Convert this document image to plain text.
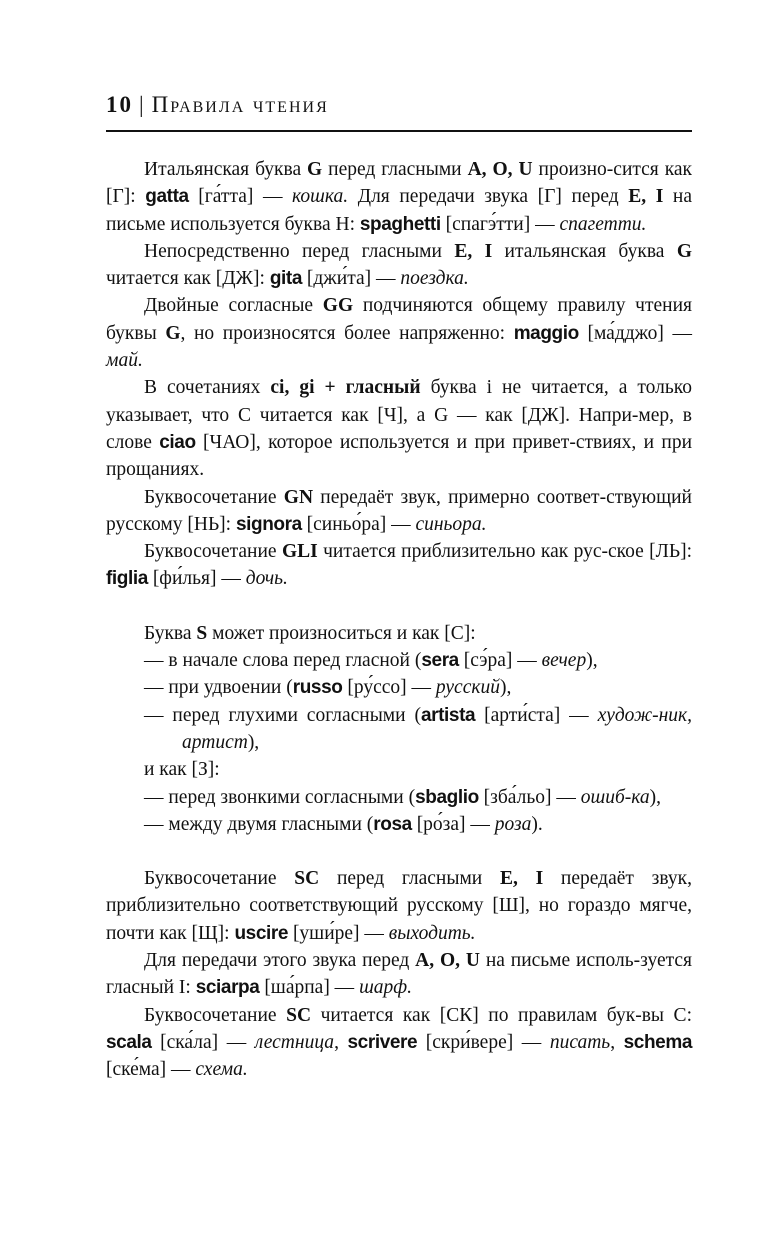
10 | Правила чтения

Итальянская буква G перед гласными A, O, U произно-сится как [Г]: gatta [га́тта] — кошка. Для передачи звука [Г] перед E, I на письме используется буква Н: spaghetti [спагэ́тти] — спагетти.

Непосредственно перед гласными E, I итальянская буква G читается как [ДЖ]: gita [джи́та] — поездка.

Двойные согласные GG подчиняются общему правилу чтения буквы G, но произносятся более напряженно: maggio [ма́дджо] — май.

В сочетаниях ci, gi + гласный буква i не читается, а только указывает, что С читается как [Ч], а G — как [ДЖ]. Напри-мер, в слове ciao [ЧАО], которое используется и при привет-ствиях, и при прощаниях.

Буквосочетание GN передаёт звук, примерно соответ-ствующий русскому [НЬ]: signora [синьо́ра] — синьора.

Буквосочетание GLI читается приблизительно как рус-ское [ЛЬ]: figlia [фи́лья] — дочь.

Буква S может произноситься и как [С]:

— в начале слова перед гласной (sera [сэ́ра] — вечер),

— при удвоении (russo [ру́ссо] — русский),

— перед глухими согласными (artista [арти́ста] — худож-ник, артист),

и как [З]:

— перед звонкими согласными (sbaglio [зба́льо] — ошиб-ка),

— между двумя гласными (rosa [ро́за] — роза).

Буквосочетание SC перед гласными E, I передаёт звук, приблизительно соответствующий русскому [Ш], но гораздо мягче, почти как [Щ]: uscire [уши́ре] — выходить.

Для передачи этого звука перед A, O, U на письме исполь-зуется гласный I: sciarpa [ша́рпа] — шарф.

Буквосочетание SC читается как [СК] по правилам бук-вы С: scala [ска́ла] — лестница, scrivere [скри́вере] — писать, schema [ске́ма] — схема.
